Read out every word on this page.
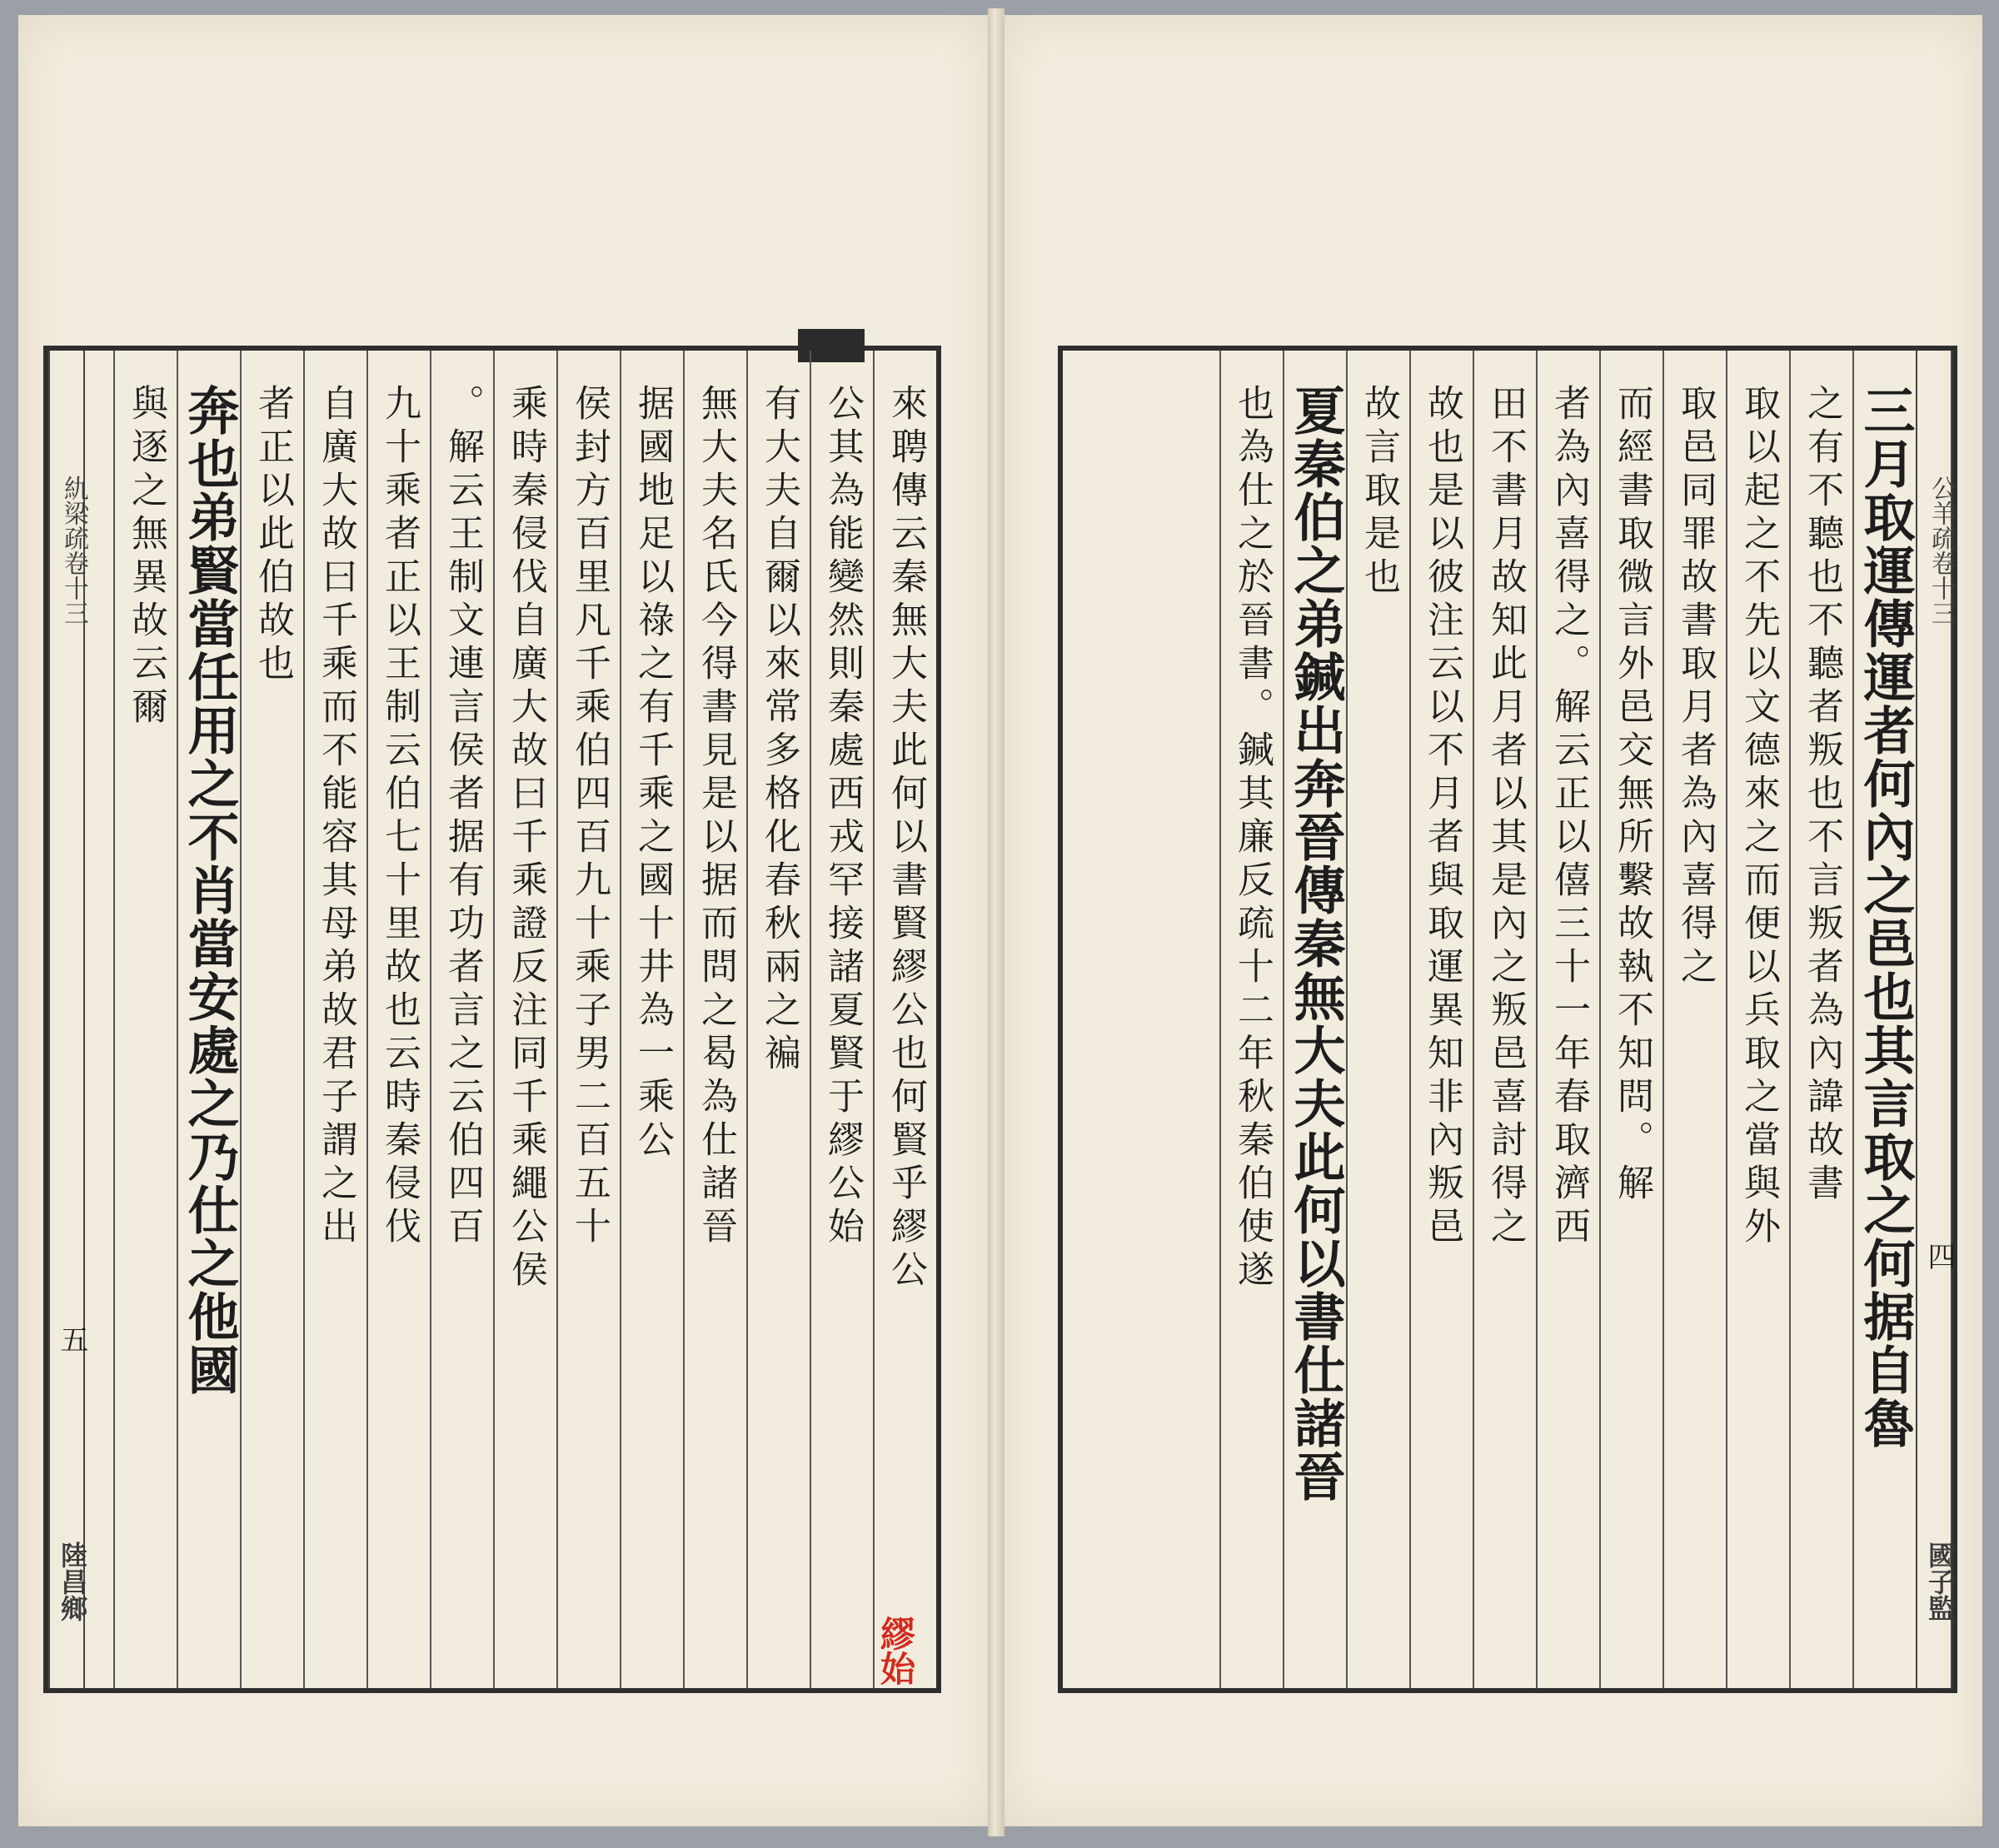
來聘傳云秦無大夫此何以書賢繆公也何賢乎繆公
公其為能變然則秦處西戎罕接諸夏賢于繆公始
有大夫自爾以來常多格化春秋兩之褊
無大夫名氏今得書見是以据而問之曷為仕諸晉
据國地足以祿之有千乘之國十井為一乘公
侯封方百里凡千乘伯四百九十乘子男二百五十
乘時秦侵伐自廣大故曰千乘證反注同千乘繩公侯
。解云王制文連言侯者据有功者言之云伯四百
九十乘者正以王制云伯七十里故也云時秦侵伐
自廣大故曰千乘而不能容其母弟故君子謂之出
者正以此伯故也
奔也弟賢當任用之不肖當安處之乃仕之他國
與逐之無異故云爾
䊵梁疏卷十三
五
陸昌鄉
三月取運傳運者何內之邑也其言取之何据自魯
之有不聽也不聽者叛也不言叛者為內諱故書
取以起之不先以文德來之而便以兵取之當與外
取邑同罪故書取月者為內喜得之
而經書取微言外邑交無所繫故執不知問。解
者為內喜得之。解云正以僖三十一年春取濟西
田不書月故知此月者以其是內之叛邑喜討得之
故也是以彼注云以不月者與取運異知非內叛邑
故言取是也
夏秦伯之弟鍼出奔晉傳秦無大夫此何以書仕諸晉
也為仕之於晉書。鍼其廉反疏十二年秋秦伯使遂	公羊疏卷十三
四
國子監
繆始
